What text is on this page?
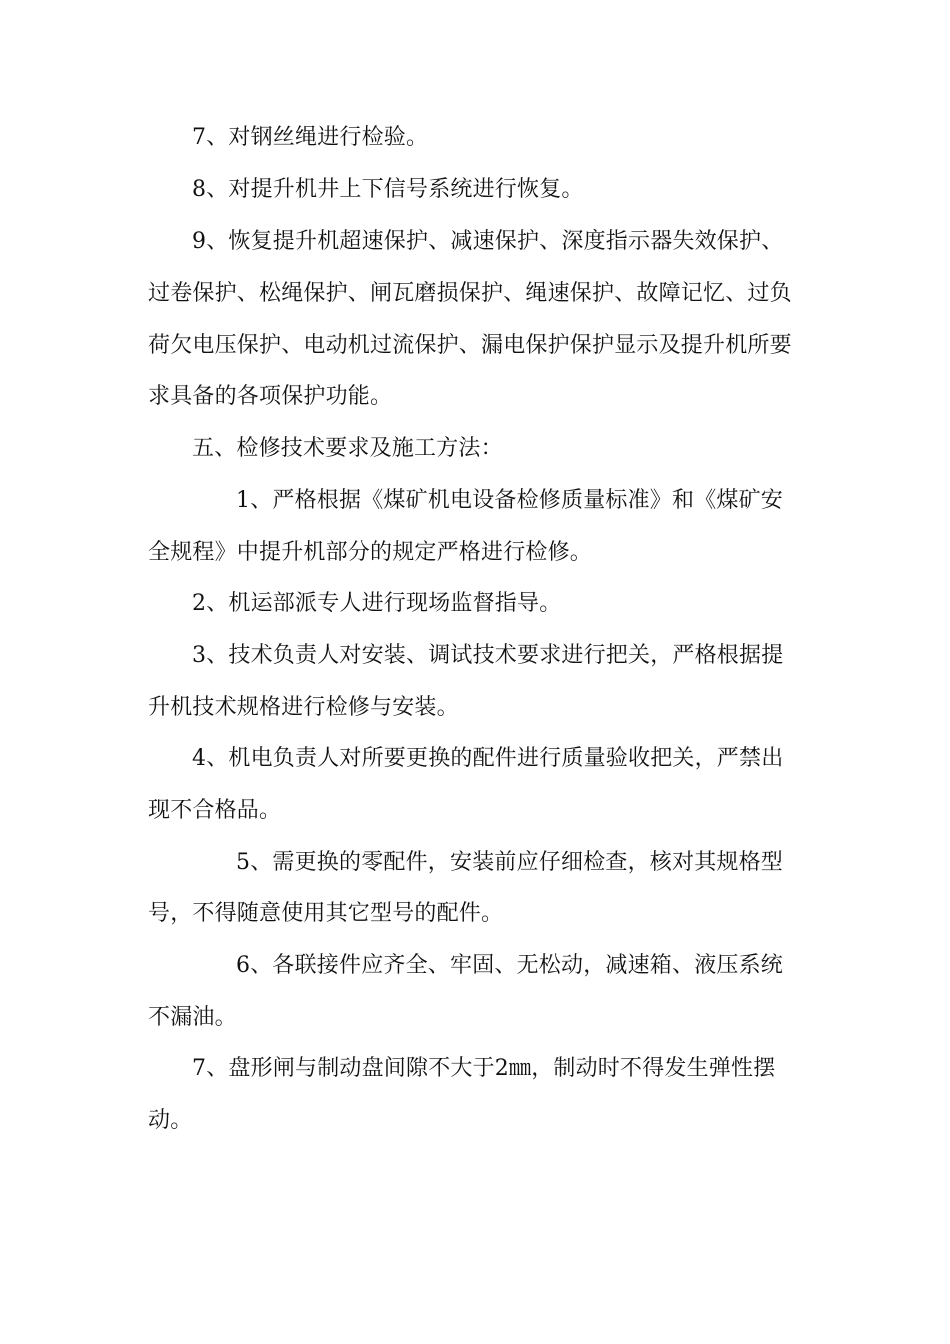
7、对钢丝绳进行检验。
8、对提升机井上下信号系统进行恢复。
9、恢复提升机超速保护、减速保护、深度指示器失效保护、
过卷保护、松绳保护、闸瓦磨损保护、绳速保护、故障记忆、过负
荷欠电压保护、电动机过流保护、漏电保护保护显示及提升机所要
求具备的各项保护功能。
五、检修技术要求及施工方法：
1、严格根据《煤矿机电设备检修质量标准》和《煤矿安
全规程》中提升机部分的规定严格进行检修。
2、机运部派专人进行现场监督指导。
3、技术负责人对安装、调试技术要求进行把关，严格根据提
升机技术规格进行检修与安装。
4、机电负责人对所要更换的配件进行质量验收把关，严禁出
现不合格品。
5、需更换的零配件，安装前应仔细检查，核对其规格型
号，不得随意使用其它型号的配件。
6、各联接件应齐全、牢固、无松动，减速箱、液压系统
不漏油。
7、盘形闸与制动盘间隙不大于2㎜，制动时不得发生弹性摆
动。
